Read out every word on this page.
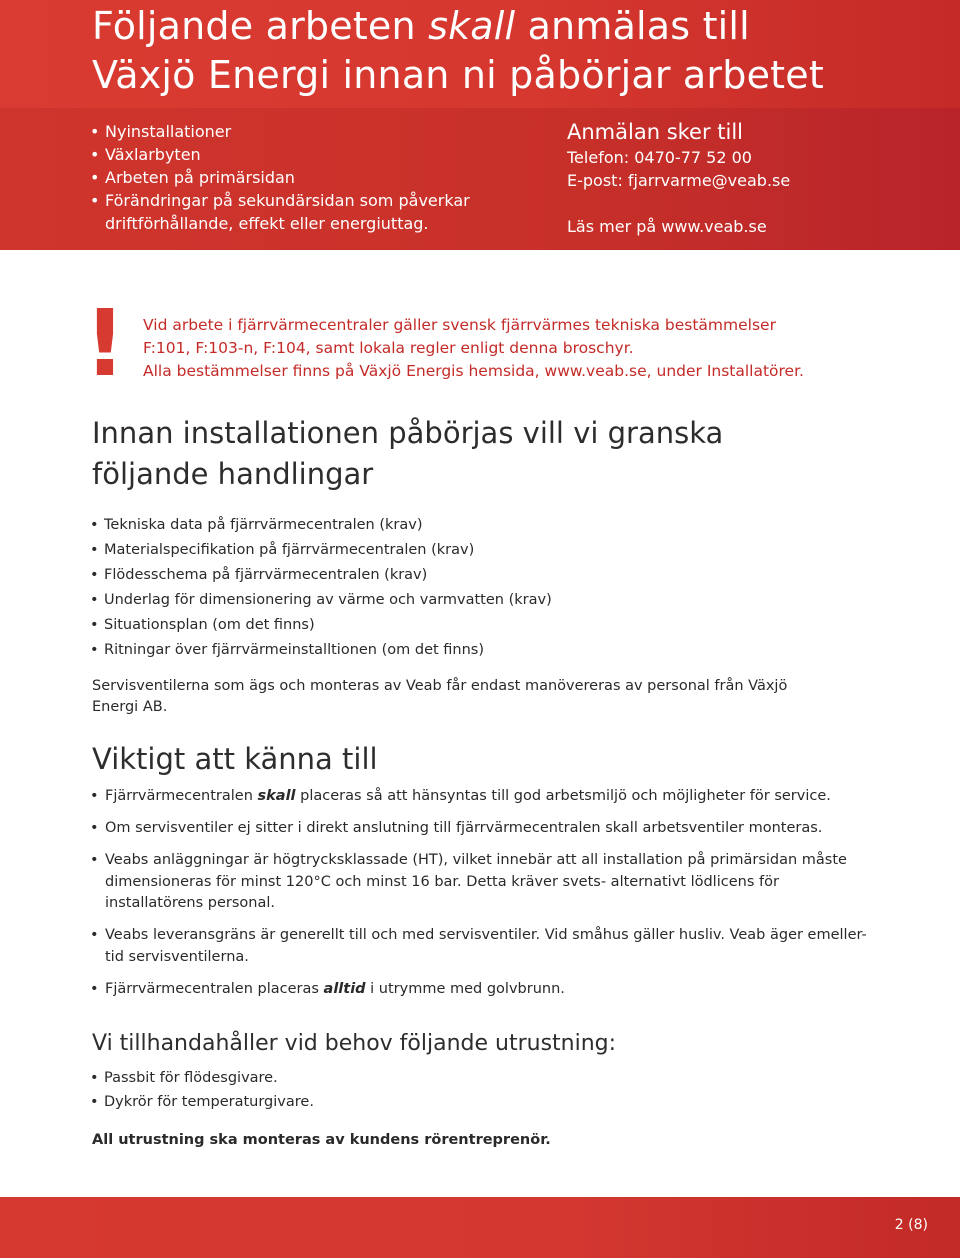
Följande arbeten skall anmälas till
Växjö Energi innan ni påbörjar arbetet
• Nyinstallationer
• Växlarbyten
• Arbeten på primärsidan
• Förändringar på sekundärsidan som påverkar driftförhållande, effekt eller energiuttag.
Anmälan sker till
Telefon: 0470-77 52 00
E-post: fjarrvarme@veab.se
Läs mer på www.veab.se
! Vid arbete i fjärrvärmecentraler gäller svensk fjärrvärmes tekniska bestämmelser
F:101, F:103-n, F:104, samt lokala regler enligt denna broschyr.
Alla bestämmelser finns på Växjö Energis hemsida, www.veab.se, under Installatörer.
Innan installationen påbörjas vill vi granska
följande handlingar
• Tekniska data på fjärrvärmecentralen (krav)
• Materialspecifikation på fjärrvärmecentralen (krav)
• Flödesschema på fjärrvärmecentralen (krav)
• Underlag för dimensionering av värme och varmvatten (krav)
• Situationsplan (om det finns)
• Ritningar över fjärrvärmeinstalltionen (om det finns)

Servisventilerna som ägs och monteras av Veab får endast manövereras av personal från Växjö Energi AB.

Viktigt att känna till
• Fjärrvärmecentralen skall placeras så att hänsyntas till god arbetsmiljö och möjligheter för service.
• Om servisventiler ej sitter i direkt anslutning till fjärrvärmecentralen skall arbetsventiler monteras.
• Veabs anläggningar är högtrycksklassade (HT), vilket innebär att all installation på primärsidan måste dimensioneras för minst 120°C och minst 16 bar. Detta kräver svets- alternativt lödlicens för installatörens personal.
• Veabs leveransgräns är generellt till och med servisventiler. Vid småhus gäller husliv. Veab äger emeller-tid servisventilerna.
• Fjärrvärmecentralen placeras alltid i utrymme med golvbrunn.
Vi tillhandahåller vid behov följande utrustning:
• Passbit för flödesgivare.
• Dykrör för temperaturgivare.
All utrustning ska monteras av kundens rörentreprenör.
2 (8)
